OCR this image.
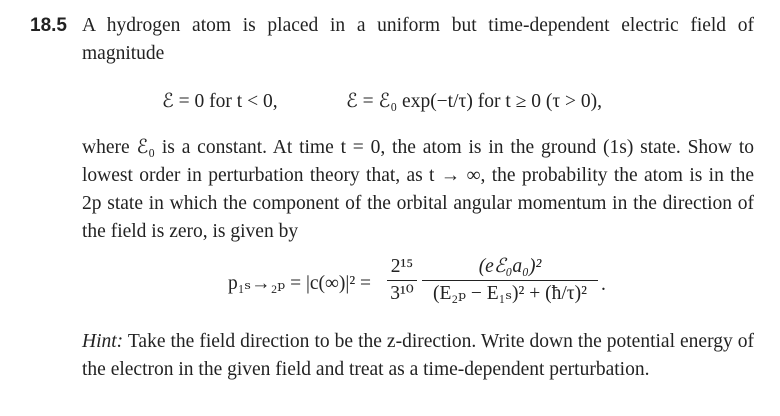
18.5 A hydrogen atom is placed in a uniform but time-dependent electric field of magnitude
ℰ = 0 for t < 0,	ℰ = ℰ₀ exp(−t/τ) for t ≥ 0 (τ > 0),
where ℰ₀ is a constant. At time t = 0, the atom is in the ground (1s) state. Show to lowest order in perturbation theory that, as t → ∞, the probability the atom is in the 2p state in which the component of the orbital angular momentum in the direction of the field is zero, is given by
p₁ₛ→₂ₚ = |c(∞)|² =
2¹⁵
3¹⁰
(eℰ₀a₀)²
(E₂ₚ − E₁ₛ)² + (ħ/τ)² .
Hint: Take the field direction to be the z-direction. Write down the potential energy of the electron in the given field and treat as a time-dependent perturbation.
